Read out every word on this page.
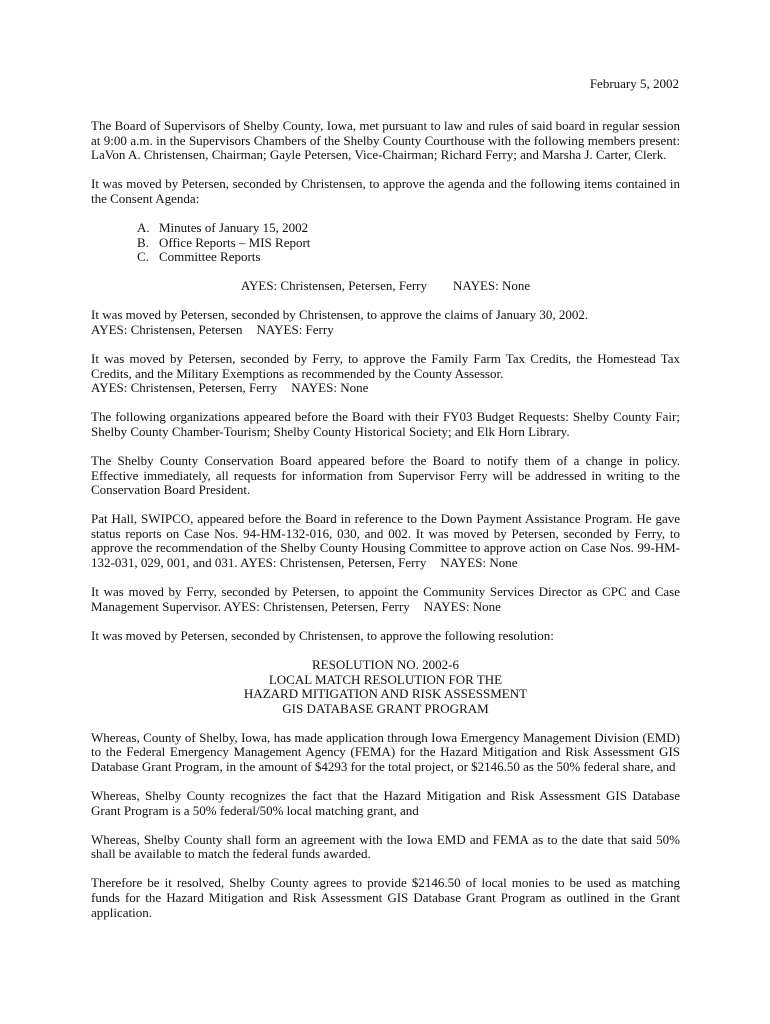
February 5, 2002

The Board of Supervisors of Shelby County, Iowa, met pursuant to law and rules of said board in regular session at 9:00 a.m. in the Supervisors Chambers of the Shelby County Courthouse with the following members present: LaVon A. Christensen, Chairman; Gayle Petersen, Vice-Chairman; Richard Ferry; and Marsha J. Carter, Clerk.

It was moved by Petersen, seconded by Christensen, to approve the agenda and the following items contained in the Consent Agenda:

A. Minutes of January 15, 2002
B. Office Reports – MIS Report
C. Committee Reports
AYES: Christensen, Petersen, Ferry NAYES: None

It was moved by Petersen, seconded by Christensen, to approve the claims of January 30, 2002.
AYES: Christensen, Petersen NAYES: Ferry

It was moved by Petersen, seconded by Ferry, to approve the Family Farm Tax Credits, the Homestead Tax Credits, and the Military Exemptions as recommended by the County Assessor.
AYES: Christensen, Petersen, Ferry NAYES: None

The following organizations appeared before the Board with their FY03 Budget Requests: Shelby County Fair; Shelby County Chamber-Tourism; Shelby County Historical Society; and Elk Horn Library.

The Shelby County Conservation Board appeared before the Board to notify them of a change in policy. Effective immediately, all requests for information from Supervisor Ferry will be addressed in writing to the Conservation Board President.

Pat Hall, SWIPCO, appeared before the Board in reference to the Down Payment Assistance Program. He gave status reports on Case Nos. 94-HM-132-016, 030, and 002. It was moved by Petersen, seconded by Ferry, to approve the recommendation of the Shelby County Housing Committee to approve action on Case Nos. 99-HM-132-031, 029, 001, and 031. AYES: Christensen, Petersen, Ferry NAYES: None

It was moved by Ferry, seconded by Petersen, to appoint the Community Services Director as CPC and Case Management Supervisor. AYES: Christensen, Petersen, Ferry NAYES: None

It was moved by Petersen, seconded by Christensen, to approve the following resolution:

RESOLUTION NO. 2002-6
LOCAL MATCH RESOLUTION FOR THE
HAZARD MITIGATION AND RISK ASSESSMENT
GIS DATABASE GRANT PROGRAM

Whereas, County of Shelby, Iowa, has made application through Iowa Emergency Management Division (EMD) to the Federal Emergency Management Agency (FEMA) for the Hazard Mitigation and Risk Assessment GIS Database Grant Program, in the amount of $4293 for the total project, or $2146.50 as the 50% federal share, and

Whereas, Shelby County recognizes the fact that the Hazard Mitigation and Risk Assessment GIS Database Grant Program is a 50% federal/50% local matching grant, and

Whereas, Shelby County shall form an agreement with the Iowa EMD and FEMA as to the date that said 50% shall be available to match the federal funds awarded.

Therefore be it resolved, Shelby County agrees to provide $2146.50 of local monies to be used as matching funds for the Hazard Mitigation and Risk Assessment GIS Database Grant Program as outlined in the Grant application.
